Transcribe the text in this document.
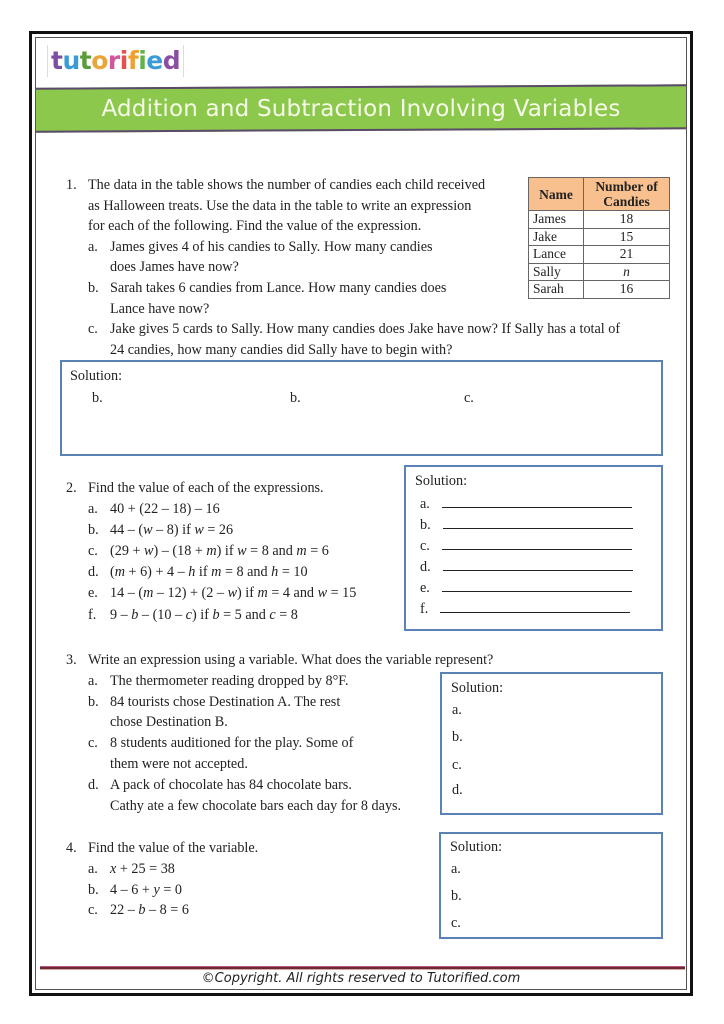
tutorified
Addition and Subtraction Involving Variables
1. The data in the table shows the number of candies each child received
as Halloween treats. Use the data in the table to write an expression
for each of the following. Find the value of the expression.
a. James gives 4 of his candies to Sally. How many candies
does James have now?
b. Sarah takes 6 candies from Lance. How many candies does
Lance have now?
c. Jake gives 5 cards to Sally. How many candies does Jake have now? If Sally has a total of
24 candies, how many candies did Sally have to begin with?
Name	Number of Candies
James	18
Jake	15
Lance	21
Sally	n
Sarah	16
Solution:
b.	b.	c.
2. Find the value of each of the expressions.
a. 40 + (22 – 18) – 16
b. 44 – (w – 8) if w = 26
c. (29 + w) – (18 + m) if w = 8 and m = 6
d. (m + 6) + 4 – h if m = 8 and h = 10
e. 14 – (m – 12) + (2 – w) if m = 4 and w = 15
f. 9 – b – (10 – c) if b = 5 and c = 8
Solution:
a.
b.
c.
d.
e.
f.
3. Write an expression using a variable. What does the variable represent?
a. The thermometer reading dropped by 8°F.
b. 84 tourists chose Destination A. The rest
chose Destination B.
c. 8 students auditioned for the play. Some of
them were not accepted.
d. A pack of chocolate has 84 chocolate bars.
Cathy ate a few chocolate bars each day for 8 days.
Solution:
a.
b.
c.
d.
4. Find the value of the variable.
a. x + 25 = 38
b. 4 – 6 + y = 0
c. 22 – b – 8 = 6
Solution:
a.
b.
c.
©Copyright. All rights reserved to Tutorified.com
